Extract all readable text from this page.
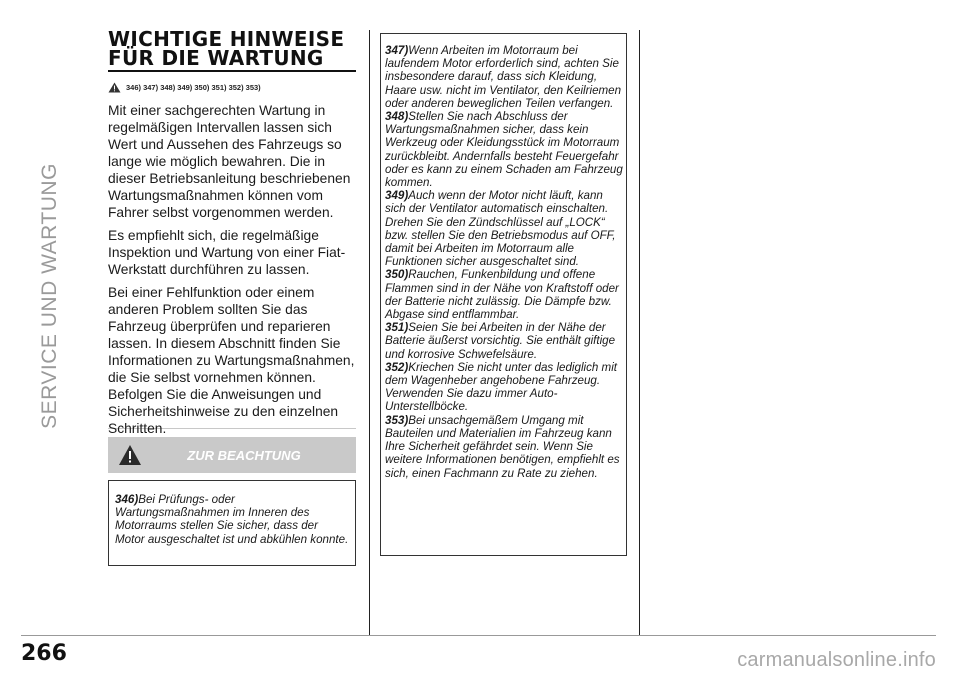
SERVICE UND WARTUNG
WICHTIGE HINWEISE
FÜR DIE WARTUNG
346) 347) 348) 349) 350) 351) 352) 353)

Mit einer sachgerechten Wartung in regelmäßigen Intervallen lassen sich Wert und Aussehen des Fahrzeugs so lange wie möglich bewahren. Die in dieser Betriebsanleitung beschriebenen Wartungsmaßnahmen können vom Fahrer selbst vorgenommen werden.

Es empfiehlt sich, die regelmäßige Inspektion und Wartung von einer Fiat-Werkstatt durchführen zu lassen.

Bei einer Fehlfunktion oder einem anderen Problem sollten Sie das Fahrzeug überprüfen und reparieren lassen. In diesem Abschnitt finden Sie Informationen zu Wartungsmaßnahmen, die Sie selbst vornehmen können. Befolgen Sie die Anweisungen und Sicherheitshinweise zu den einzelnen Schritten.

ZUR BEACHTUNG

346)Bei Prüfungs- oder Wartungsmaßnahmen im Inneren des Motorraums stellen Sie sicher, dass der Motor ausgeschaltet ist und abkühlen konnte.

347)Wenn Arbeiten im Motorraum bei laufendem Motor erforderlich sind, achten Sie insbesondere darauf, dass sich Kleidung, Haare usw. nicht im Ventilator, den Keilriemen oder anderen beweglichen Teilen verfangen.

348)Stellen Sie nach Abschluss der Wartungsmaßnahmen sicher, dass kein Werkzeug oder Kleidungsstück im Motorraum zurückbleibt. Andernfalls besteht Feuergefahr oder es kann zu einem Schaden am Fahrzeug kommen.

349)Auch wenn der Motor nicht läuft, kann sich der Ventilator automatisch einschalten. Drehen Sie den Zündschlüssel auf „LOCK“ bzw. stellen Sie den Betriebsmodus auf OFF, damit bei Arbeiten im Motorraum alle Funktionen sicher ausgeschaltet sind.

350)Rauchen, Funkenbildung und offene Flammen sind in der Nähe von Kraftstoff oder der Batterie nicht zulässig. Die Dämpfe bzw. Abgase sind entflammbar.

351)Seien Sie bei Arbeiten in der Nähe der Batterie äußerst vorsichtig. Sie enthält giftige und korrosive Schwefelsäure.

352)Kriechen Sie nicht unter das lediglich mit dem Wagenheber angehobene Fahrzeug. Verwenden Sie dazu immer Auto-Unterstellböcke.

353)Bei unsachgemäßem Umgang mit Bauteilen und Materialien im Fahrzeug kann Ihre Sicherheit gefährdet sein. Wenn Sie weitere Informationen benötigen, empfiehlt es sich, einen Fachmann zu Rate zu ziehen.

266	carmanualsonline.info
